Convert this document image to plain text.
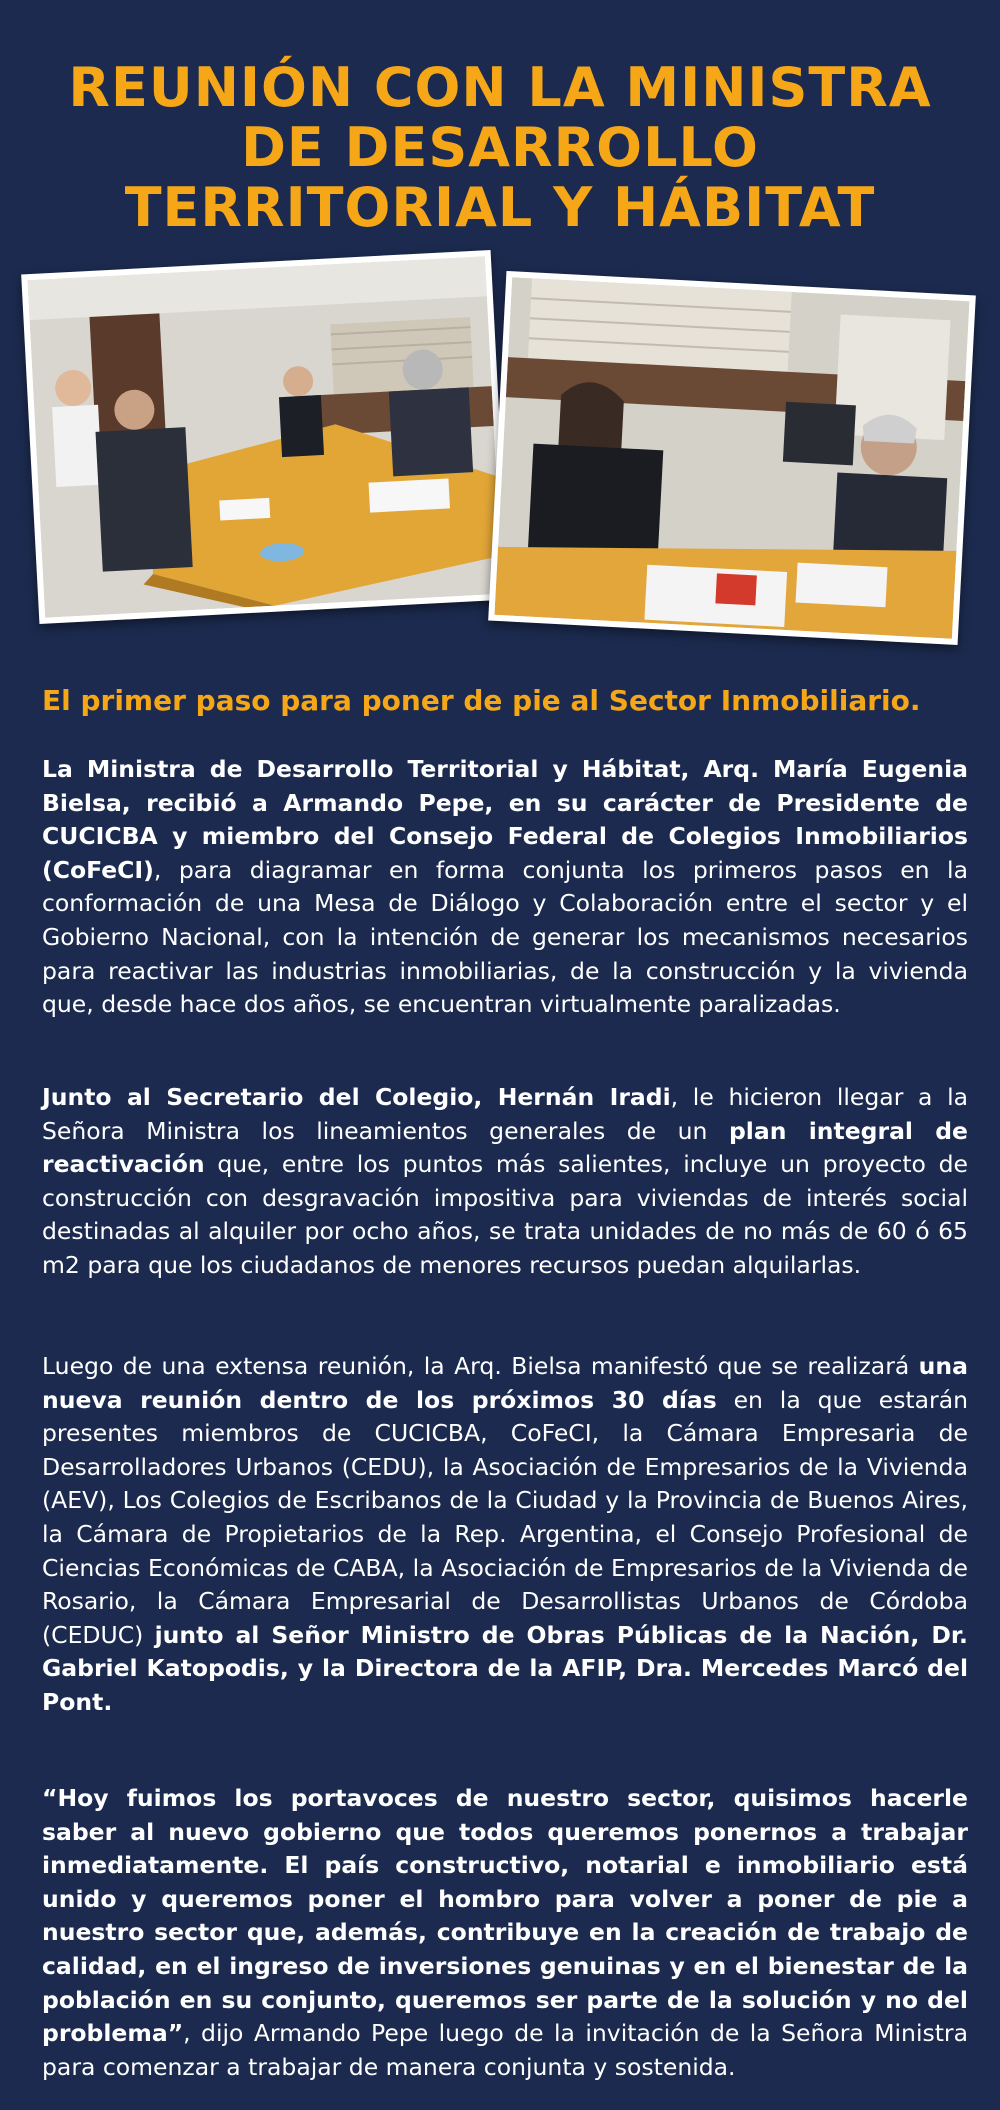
REUNIÓN CON LA MINISTRA
DE DESARROLLO
TERRITORIAL Y HÁBITAT
El primer paso para poner de pie al Sector Inmobiliario.

La Ministra de Desarrollo Territorial y Hábitat, Arq. María Eugenia Bielsa, recibió a Armando Pepe, en su carácter de Presidente de CUCICBA y miembro del Consejo Federal de Colegios Inmobiliarios (CoFeCI), para diagramar en forma conjunta los primeros pasos en la conformación de una Mesa de Diálogo y Colaboración entre el sector y el Gobierno Nacional, con la intención de generar los mecanismos necesarios para reactivar las industrias inmobiliarias, de la construcción y la vivienda que, desde hace dos años, se encuentran virtualmente paralizadas.

Junto al Secretario del Colegio, Hernán Iradi, le hicieron llegar a la Señora Ministra los lineamientos generales de un plan integral de reactivación que, entre los puntos más salientes, incluye un proyecto de construcción con desgravación impositiva para viviendas de interés social destinadas al alquiler por ocho años, se trata unidades de no más de 60 ó 65 m2 para que los ciudadanos de menores recursos puedan alquilarlas.

Luego de una extensa reunión, la Arq. Bielsa manifestó que se realizará una nueva reunión dentro de los próximos 30 días en la que estarán presentes miembros de CUCICBA, CoFeCI, la Cámara Empresaria de Desarrolladores Urbanos (CEDU), la Asociación de Empresarios de la Vivienda (AEV), Los Colegios de Escribanos de la Ciudad y la Provincia de Buenos Aires, la Cámara de Propietarios de la Rep. Argentina, el Consejo Profesional de Ciencias Económicas de CABA, la Asociación de Empresarios de la Vivienda de Rosario, la Cámara Empresarial de Desarrollistas Urbanos de Córdoba (CEDUC) junto al Señor Ministro de Obras Públicas de la Nación, Dr. Gabriel Katopodis, y la Directora de la AFIP, Dra. Mercedes Marcó del Pont.

“Hoy fuimos los portavoces de nuestro sector, quisimos hacerle saber al nuevo gobierno que todos queremos ponernos a trabajar inmediatamente. El país constructivo, notarial e inmobiliario está unido y queremos poner el hombro para volver a poner de pie a nuestro sector que, además, contribuye en la creación de trabajo de calidad, en el ingreso de inversiones genuinas y en el bienestar de la población en su conjunto, queremos ser parte de la solución y no del problema”, dijo Armando Pepe luego de la invitación de la Señora Ministra para comenzar a trabajar de manera conjunta y sostenida.
